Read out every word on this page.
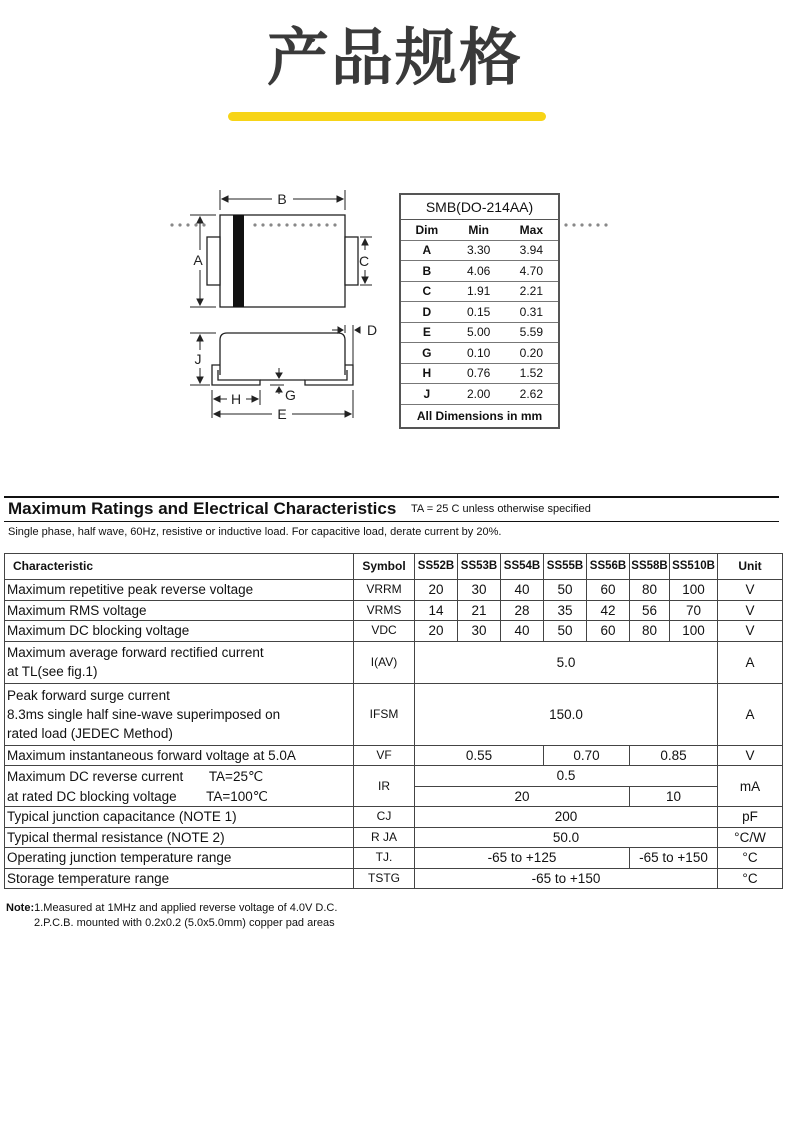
产品规格
B
A	C
D
J
G
H
E
SMB(DO-214AA)		
Dim	Min	Max
A	3.30	3.94
B	4.06	4.70
C	1.91	2.21
D	0.15	0.31
E	5.00	5.59
G	0.10	0.20
H	0.76	1.52
J	2.00	2.62
All Dimensions in mm		
Maximum Ratings and Electrical Characteristics TA = 25 C unless otherwise specified
Single phase, half wave, 60Hz, resistive or inductive load. For capacitive load, derate current by 20%.
Characteristic	Symbol	SS52B	SS53B	SS54B	SS55B	SS56B	SS58B	SS510B	Unit
Maximum repetitive peak reverse voltage	VRRM	20	30	40	50	60	80	100	V
Maximum RMS voltage	VRMS	14	21	28	35	42	56	70	V
Maximum DC blocking voltage	VDC	20	30	40	50	60	80	100	V

Maximum average forward rectified current
at TL(see fig.1)	I(AV)	5.0							A

Peak forward surge current
8.3ms single half sine-wave superimposed on
rated load (JEDEC Method)	IFSM	150.0							A
Maximum instantaneous forward voltage at 5.0A	VF	0.55			0.70		0.85		V
Maximum DC reverse current TA=25℃	IR	0.5							mA
at rated DC blocking voltage TA=100℃		20					10		
Typical junction capacitance (NOTE 1)	CJ	200							pF
Typical thermal resistance (NOTE 2)	R JA	50.0							°C/W
Operating junction temperature range	TJ.	-65 to +125					-65 to +150		°C
Storage temperature range	TSTG	-65 to +150							°C
Note:1.Measured at 1MHz and applied reverse voltage of 4.0V D.C.
2.P.C.B. mounted with 0.2x0.2 (5.0x5.0mm) copper pad areas
